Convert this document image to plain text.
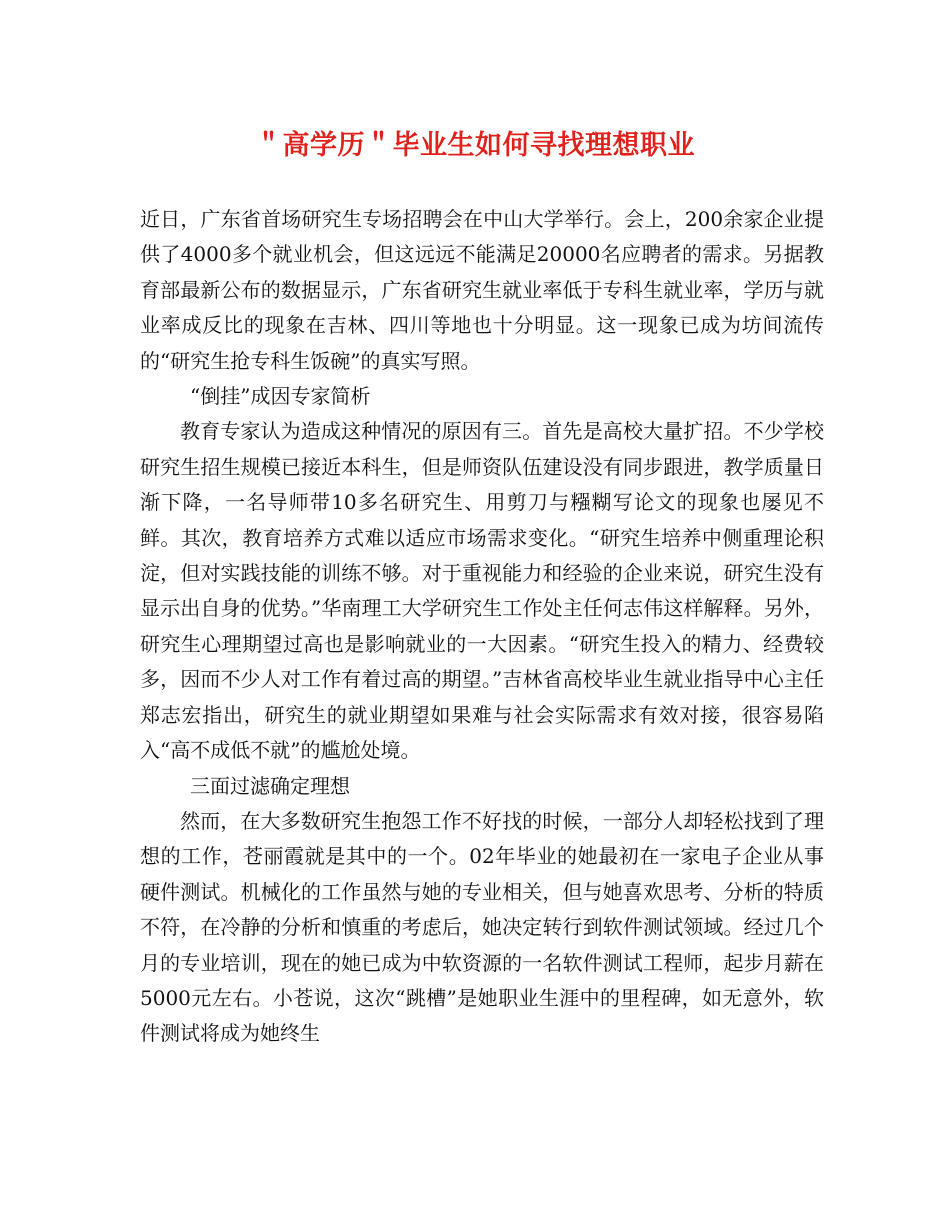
＂高学历＂毕业生如何寻找理想职业

近日，广东省首场研究生专场招聘会在中山大学举行。会上，200余家企业提供了4000多个就业机会，但这远远不能满足20000名应聘者的需求。另据教育部最新公布的数据显示，广东省研究生就业率低于专科生就业率，学历与就业率成反比的现象在吉林、四川等地也十分明显。这一现象已成为坊间流传的“研究生抢专科生饭碗”的真实写照。

“倒挂”成因专家简析

教育专家认为造成这种情况的原因有三。首先是高校大量扩招。不少学校研究生招生规模已接近本科生，但是师资队伍建设没有同步跟进，教学质量日渐下降，一名导师带10多名研究生、用剪刀与糨糊写论文的现象也屡见不鲜。其次，教育培养方式难以适应市场需求变化。“研究生培养中侧重理论积淀，但对实践技能的训练不够。对于重视能力和经验的企业来说，研究生没有显示出自身的优势。”华南理工大学研究生工作处主任何志伟这样解释。另外，研究生心理期望过高也是影响就业的一大因素。“研究生投入的精力、经费较多，因而不少人对工作有着过高的期望。”吉林省高校毕业生就业指导中心主任郑志宏指出，研究生的就业期望如果难与社会实际需求有效对接，很容易陷入“高不成低不就”的尴尬处境。

三面过滤确定理想

然而，在大多数研究生抱怨工作不好找的时候，一部分人却轻松找到了理想的工作，苍丽霞就是其中的一个。02年毕业的她最初在一家电子企业从事硬件测试。机械化的工作虽然与她的专业相关，但与她喜欢思考、分析的特质不符，在冷静的分析和慎重的考虑后，她决定转行到软件测试领域。经过几个月的专业培训，现在的她已成为中软资源的一名软件测试工程师，起步月薪在5000元左右。小苍说，这次“跳槽”是她职业生涯中的里程碑，如无意外，软件测试将成为她终生
